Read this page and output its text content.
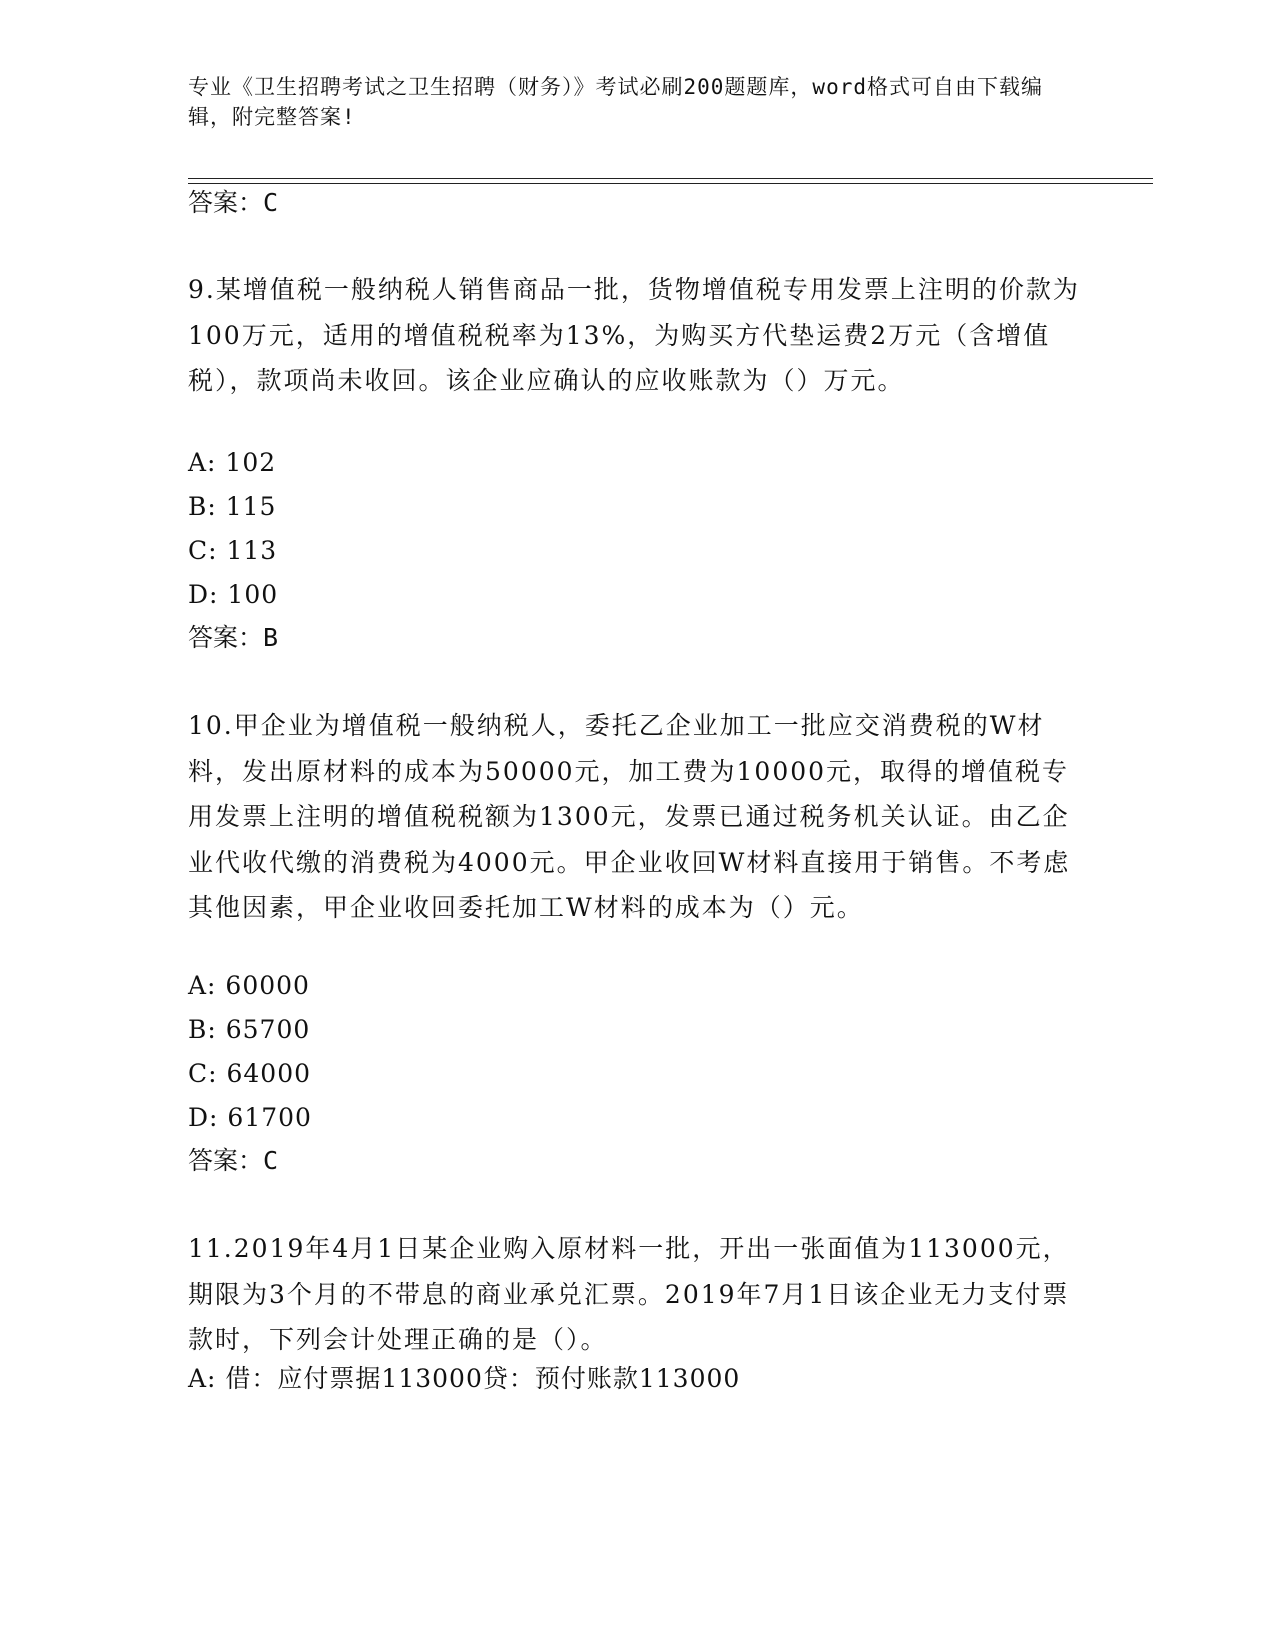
专业《卫生招聘考试之卫生招聘（财务）》考试必刷200题题库，word格式可自由下载编辑，附完整答案!
答案：C
9.某增值税一般纳税人销售商品一批，货物增值税专用发票上注明的价款为100万元，适用的增值税税率为13%，为购买方代垫运费2万元（含增值税），款项尚未收回。该企业应确认的应收账款为（）万元。
A: 102
B: 115
C: 113
D: 100
答案：B
10.甲企业为增值税一般纳税人，委托乙企业加工一批应交消费税的W材料，发出原材料的成本为50000元，加工费为10000元，取得的增值税专用发票上注明的增值税税额为1300元，发票已通过税务机关认证。由乙企业代收代缴的消费税为4000元。甲企业收回W材料直接用于销售。不考虑其他因素，甲企业收回委托加工W材料的成本为（）元。
A: 60000
B: 65700
C: 64000
D: 61700
答案：C
11.2019年4月1日某企业购入原材料一批，开出一张面值为113000元，期限为3个月的不带息的商业承兑汇票。2019年7月1日该企业无力支付票款时，下列会计处理正确的是（）。
A: 借：应付票据113000贷：预付账款113000
